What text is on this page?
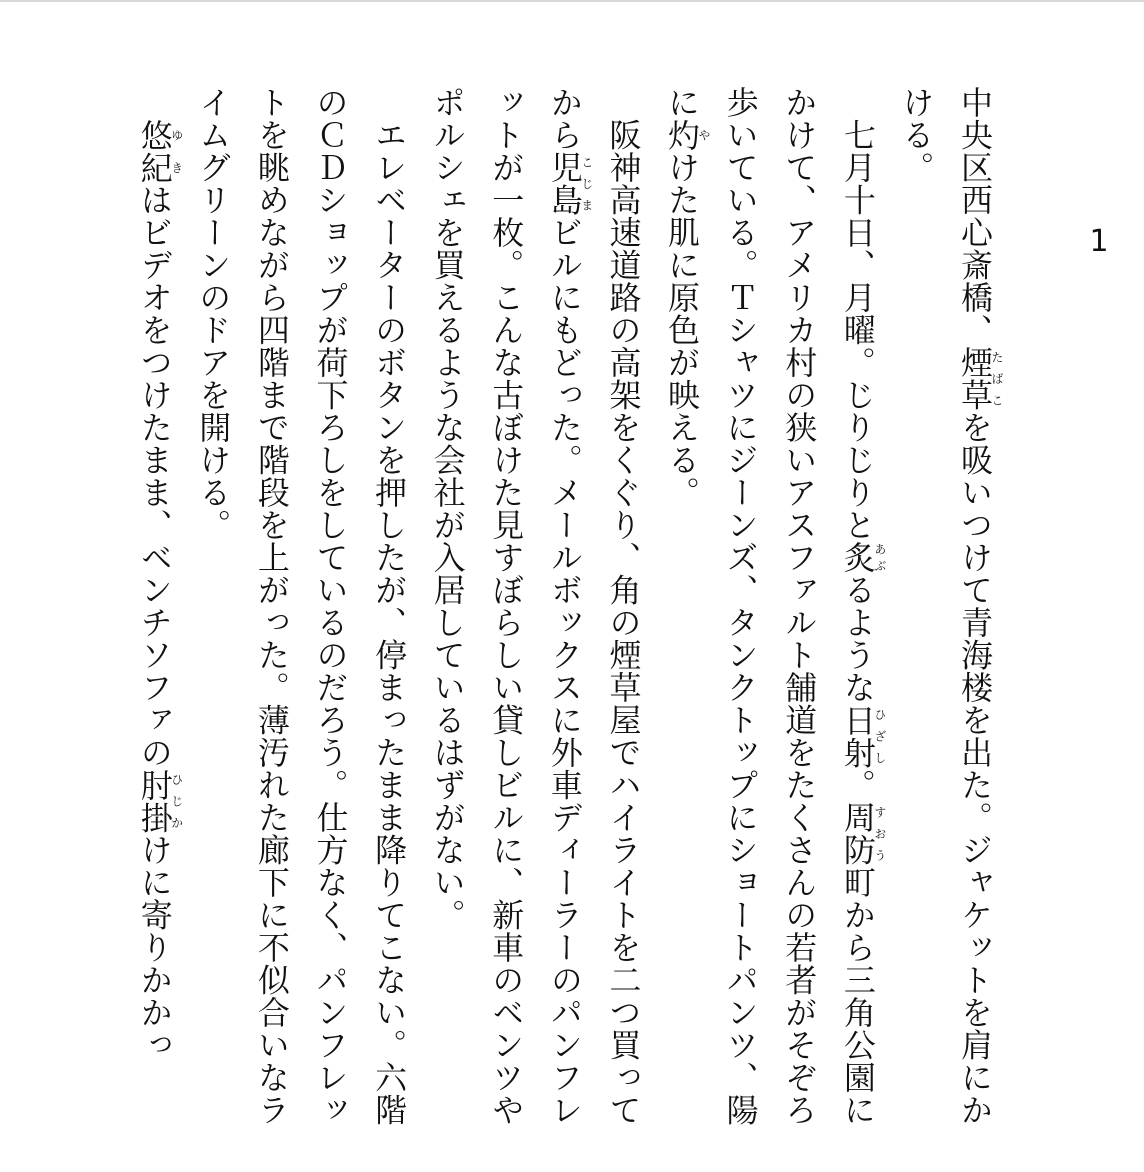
1

中央区西心斎橋、煙草たばこを吸いつけて青海楼を出た。ジャケットを肩にかける。

　七月十日、月曜。じりじりと炙あぶるような日射ひざし。周防すおう町から三角公園にかけて、アメリカ村の狭いアスファルト舗道をたくさんの若者がそぞろ歩いている。Ｔシャツにジーンズ、タンクトップにショートパンツ、陽に灼やけた肌に原色が映える。

　阪神高速道路の高架をくぐり、角の煙草屋でハイライトを二つ買ってから児島こじまビルにもどった。メールボックスに外車ディーラーのパンフレットが一枚。こんな古ぼけた見すぼらしい貸しビルに、新車のベンツやポルシェを買えるような会社が入居しているはずがない。

　エレベーターのボタンを押したが、停まったまま降りてこない。六階のＣＤショップが荷下ろしをしているのだろう。仕方なく、パンフレットを眺めながら四階まで階段を上がった。薄汚れた廊下に不似合いなライムグリーンのドアを開ける。

　悠紀ゆきはビデオをつけたまま、ベンチソファの肘掛ひじかけに寄りかかっ
